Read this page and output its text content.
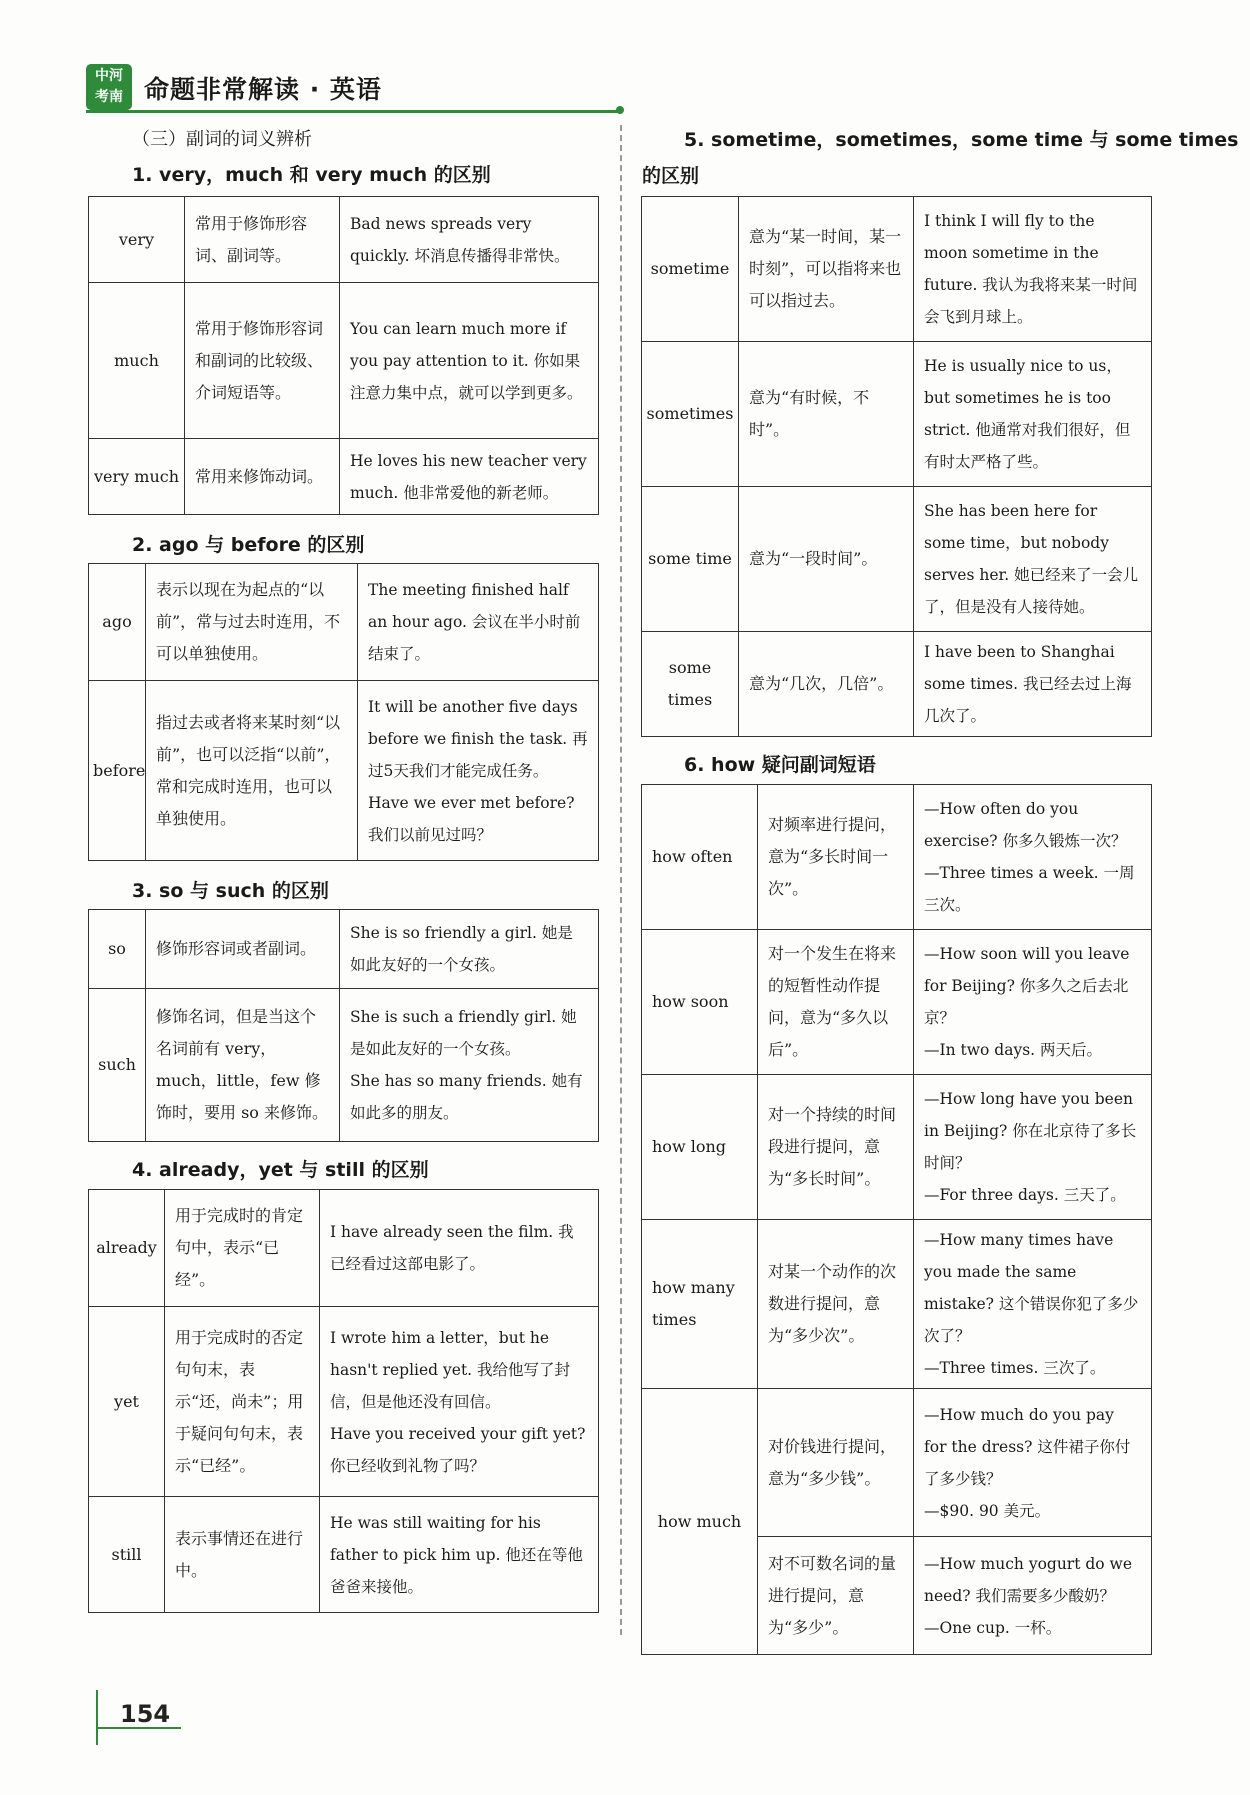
中河
考南 命题非常解读 · 英语
（三）副词的词义辨析
1. very，much 和 very much 的区别
very	常用于修饰形容词、副词等。	Bad news spreads very quickly. 坏消息传播得非常快。
much	常用于修饰形容词和副词的比较级、介词短语等。	You can learn much more if you pay attention to it. 你如果注意力集中点，就可以学到更多。
very much	常用来修饰动词。	He loves his new teacher very much. 他非常爱他的新老师。
2. ago 与 before 的区别
ago	表示以现在为起点的“以前”，常与过去时连用，不可以单独使用。	The meeting finished half an hour ago. 会议在半小时前结束了。
before	指过去或者将来某时刻“以前”，也可以泛指“以前”，常和完成时连用，也可以单独使用。	It will be another five days before we finish the task. 再过5天我们才能完成任务。
Have we ever met before? 我们以前见过吗？
3. so 与 such 的区别
so	修饰形容词或者副词。	She is so friendly a girl. 她是如此友好的一个女孩。
such	修饰名词，但是当这个名词前有 very，much，little，few 修饰时，要用 so 来修饰。	She is such a friendly girl. 她是如此友好的一个女孩。
She has so many friends. 她有如此多的朋友。
4. already，yet 与 still 的区别
already	用于完成时的肯定句中，表示“已经”。	I have already seen the film. 我已经看过这部电影了。
yet	用于完成时的否定句句末，表示“还，尚未”；用于疑问句句末，表示“已经”。	I wrote him a letter，but he hasn't replied yet. 我给他写了封信，但是他还没有回信。
Have you received your gift yet? 你已经收到礼物了吗？

still	表示事情还在进行中。	He was still waiting for his father to pick him up. 他还在等他爸爸来接他。
5. sometime，sometimes，some time 与 some times
的区别
sometime	意为“某一时间，某一时刻”，可以指将来也可以指过去。	I think I will fly to the moon sometime in the future. 我认为我将来某一时间会飞到月球上。
sometimes	意为“有时候，不时”。	He is usually nice to us，but sometimes he is too strict. 他通常对我们很好，但有时太严格了些。
some time	意为“一段时间”。	She has been here for some time，but nobody serves her. 她已经来了一会儿了，但是没有人接待她。
some times	意为“几次，几倍”。	I have been to Shanghai some times. 我已经去过上海几次了。
6. how 疑问副词短语
how often	对频率进行提问，意为“多长时间一次”。	—How often do you exercise? 你多久锻炼一次？
—Three times a week. 一周三次。

how soon	对一个发生在将来的短暂性动作提问，意为“多久以后”。	—How soon will you leave for Beijing? 你多久之后去北京？
—In two days. 两天后。

how long	对一个持续的时间段进行提问，意为“多长时间”。	—How long have you been in Beijing? 你在北京待了多长时间？
—For three days. 三天了。

how many times	对某一个动作的次数进行提问，意为“多少次”。	—How many times have you made the same mistake? 这个错误你犯了多少次了？
—Three times. 三次了。

how much	对价钱进行提问，意为“多少钱”。	—How much do you pay for the dress? 这件裙子你付了多少钱？
—$90. 90 美元。

	对不可数名词的量进行提问，意为“多少”。	—How much yogurt do we need? 我们需要多少酸奶？
—One cup. 一杯。
154
